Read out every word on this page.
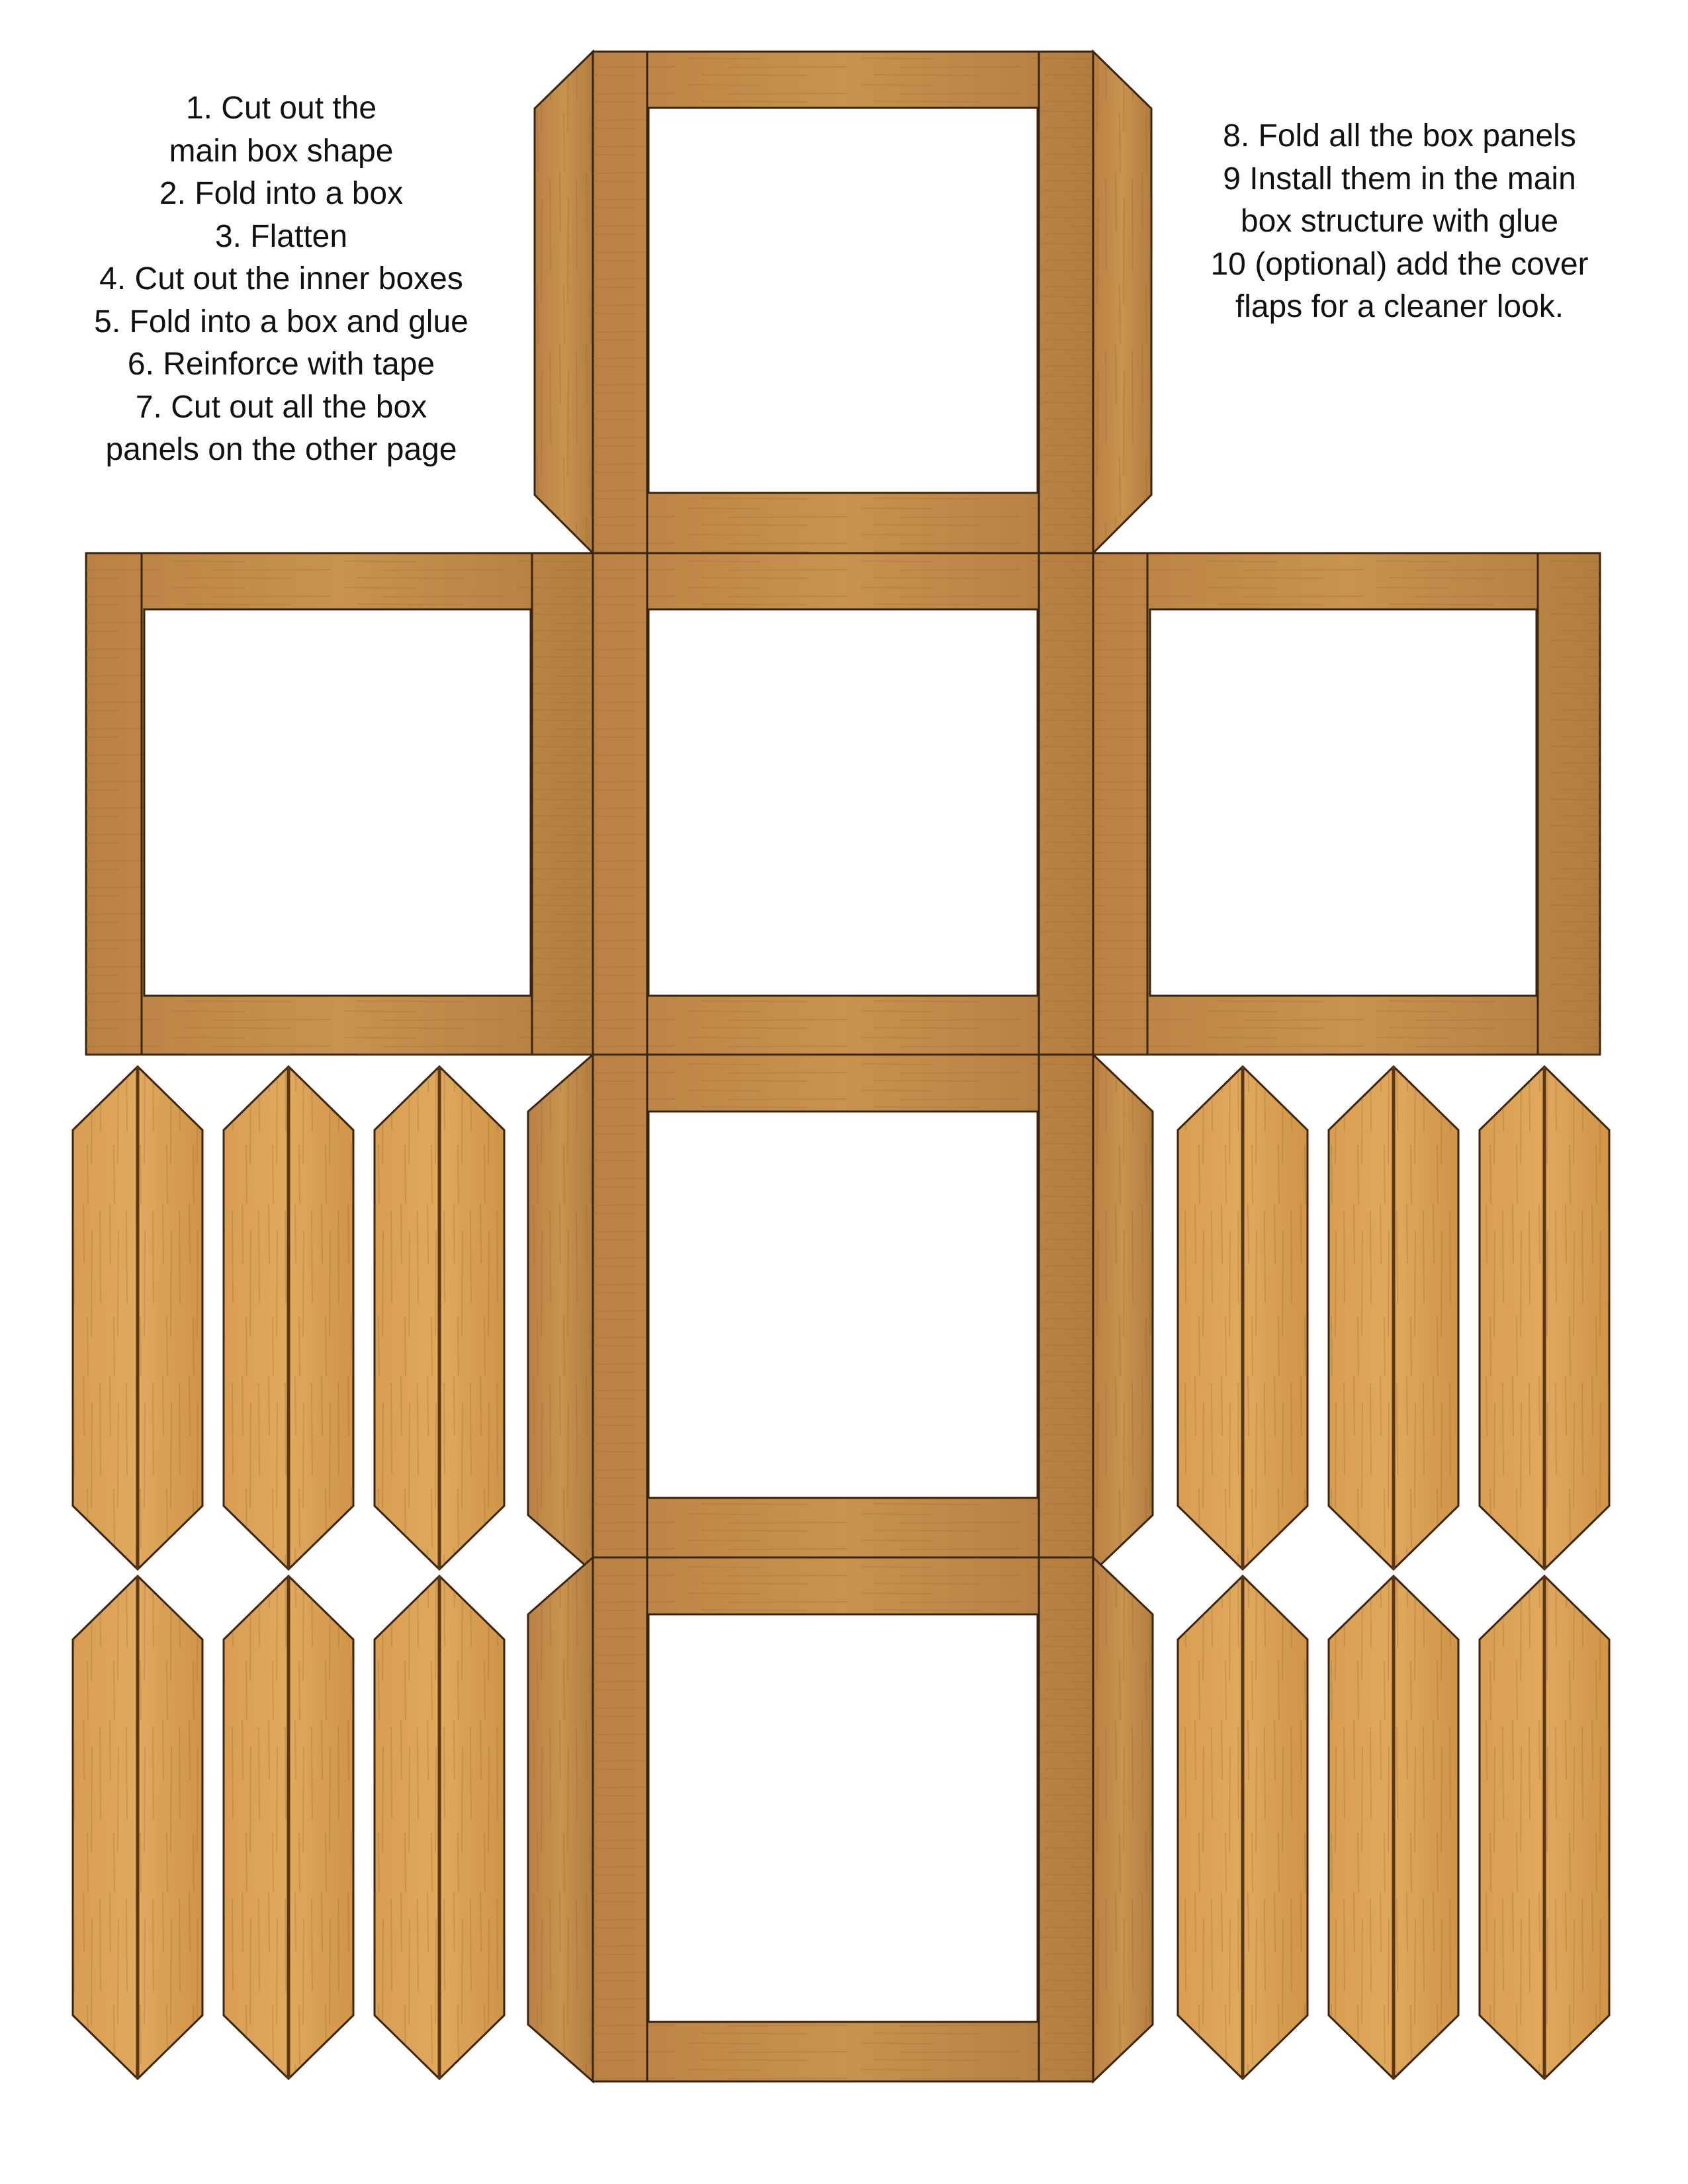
1. Cut out the
main box shape
2. Fold into a box
3. Flatten
4. Cut out the inner boxes
5. Fold into a box and glue
6. Reinforce with tape
7. Cut out all the box
panels on the other page
8. Fold all the box panels
9 Install them in the main
box structure with glue
10 (optional) add the cover
flaps for a cleaner look.
